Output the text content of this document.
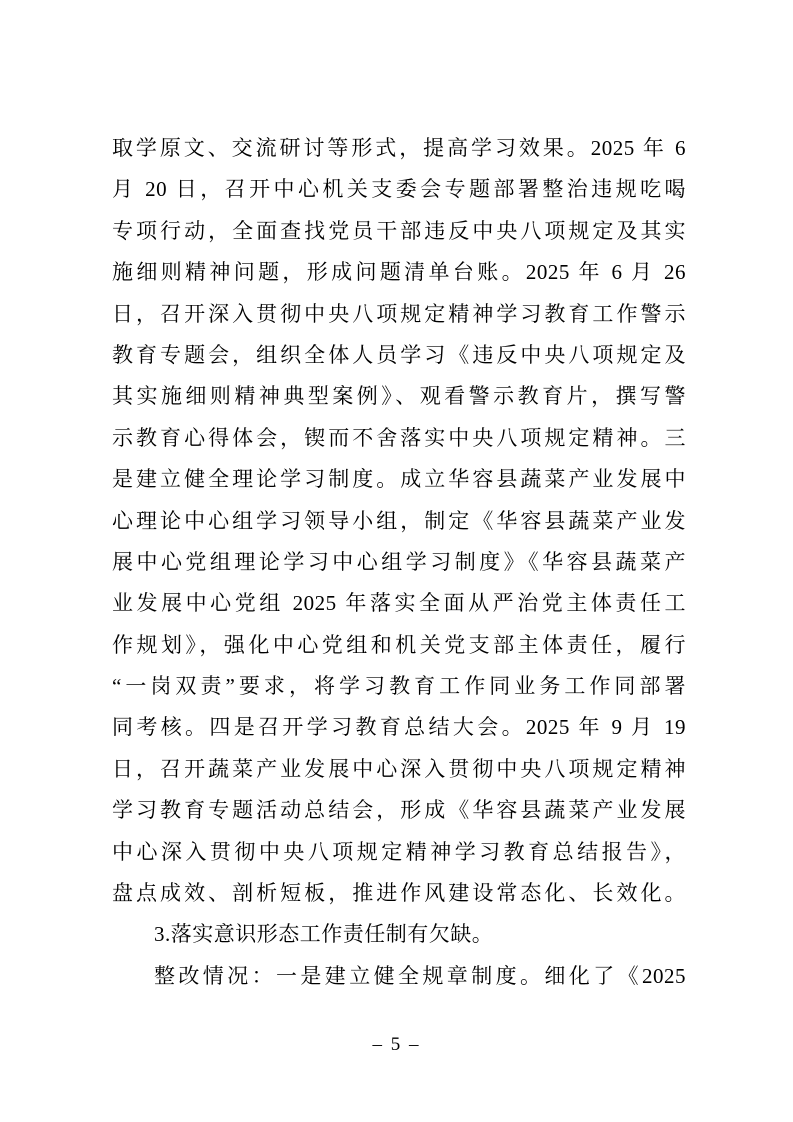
取学原文、交流研讨等形式，提高学习效果。2025 年 6
月 20 日，召开中心机关支委会专题部署整治违规吃喝
专项行动，全面查找党员干部违反中央八项规定及其实
施细则精神问题，形成问题清单台账。2025 年 6 月 26
日，召开深入贯彻中央八项规定精神学习教育工作警示
教育专题会，组织全体人员学习《违反中央八项规定及
其实施细则精神典型案例》、观看警示教育片，撰写警
示教育心得体会，锲而不舍落实中央八项规定精神。三
是建立健全理论学习制度。成立华容县蔬菜产业发展中
心理论中心组学习领导小组，制定《华容县蔬菜产业发
展中心党组理论学习中心组学习制度》《华容县蔬菜产
业发展中心党组 2025 年落实全面从严治党主体责任工
作规划》，强化中心党组和机关党支部主体责任，履行
“一岗双责”要求，将学习教育工作同业务工作同部署
同考核。四是召开学习教育总结大会。2025 年 9 月 19
日，召开蔬菜产业发展中心深入贯彻中央八项规定精神
学习教育专题活动总结会，形成《华容县蔬菜产业发展
中心深入贯彻中央八项规定精神学习教育总结报告》，
盘点成效、剖析短板，推进作风建设常态化、长效化。
3.落实意识形态工作责任制有欠缺。
整改情况：一是建立健全规章制度。细化了《2025
– 5 –
